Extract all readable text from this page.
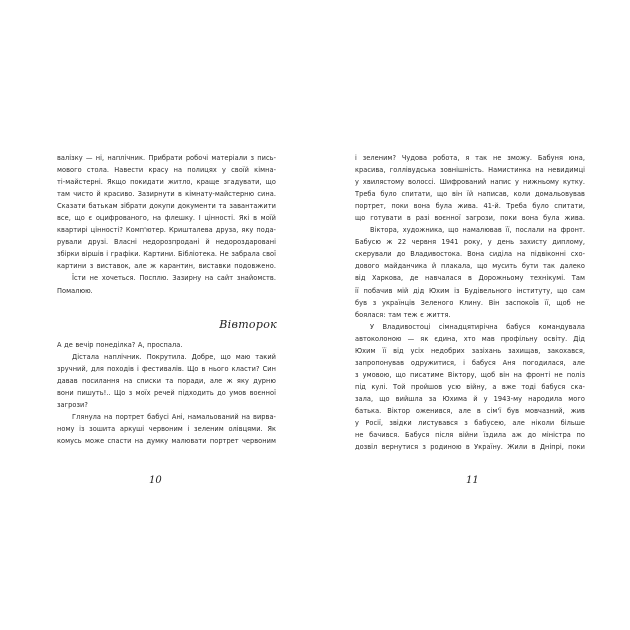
валізку — ні, наплічник. Прибрати робочі матеріали з пись-
мового стола. Навести красу на полицях у своїй кімна-
ті-майстерні. Якщо покидати житло, краще згадувати, що
там чисто й красиво. Зазирнути в кімнату-майстерню сина.
Сказати батькам зібрати докупи документи та завантажити
все, що є оцифрованого, на флешку. І цінності. Які в моїй
квартирі цінності? Комп'ютер. Кришталева друза, яку пода-
рували друзі. Власні недорозпродані й недороздаровані
збірки віршів і графіки. Картини. Бібліотека. Не забрала свої
картини з виставок, але ж карантин, виставки подовжено.
Їсти не хочеться. Посплю. Зазирну на сайт знайомств.
Помалюю.
Вівторок
А де вечір понеділка? А, проспала.
Дістала наплічник. Покрутила. Добре, що маю такий
зручний, для походів і фестивалів. Що в нього класти? Син
давав посилання на списки та поради, але ж яку дурню
вони пишуть!.. Що з моїх речей підходить до умов воєнної
загрози?
Глянула на портрет бабусі Ані, намальований на вирва-
ному із зошита аркуші червоним і зеленим олівцями. Як
комусь може спасти на думку малювати портрет червоним
10
і зеленим? Чудова робота, я так не зможу. Бабуня юна,
красива, голлівудська зовнішність. Намистинка на невидимці
у хвилястому волоссі. Шифрований напис у нижньому кутку.
Треба було спитати, що він їй написав, коли домальовував
портрет, поки вона була жива. 41-й. Треба було спитати,
що готувати в разі воєнної загрози, поки вона була жива.
Віктора, художника, що намалював її, послали на фронт.
Бабусю ж 22 червня 1941 року, у день захисту диплому,
скерували до Владивостока. Вона сиділа на підвіконні схо-
дового майданчика й плакала, що мусить бути так далеко
від Харкова, де навчалася в Дорожньому технікумі. Там
її побачив мій дід Юхим із Будівельного інституту, що сам
був з українців Зеленого Клину. Він заспокоїв її, щоб не
боялася: там теж є життя.
У Владивостоці сімнадцятирічна бабуся командувала
автоколоною — як єдина, хто мав профільну освіту. Дід
Юхим її від усіх недобрих зазіхань захищав, закохався,
запропонував одружитися, і бабуся Аня погодилася, але
з умовою, що писатиме Віктору, щоб він на фронті не поліз
під кулі. Той пройшов усю війну, а вже тоді бабуся ска-
зала, що вийшла за Юхима й у 1943-му народила мого
батька. Віктор оженився, але в сім'ї був мовчазний, жив
у Росії, звідки листувався з бабусею, але ніколи більше
не бачився. Бабуся після війни їздила аж до міністра по
дозвіл вернутися з родиною в Україну. Жили в Дніпрі, поки
11
